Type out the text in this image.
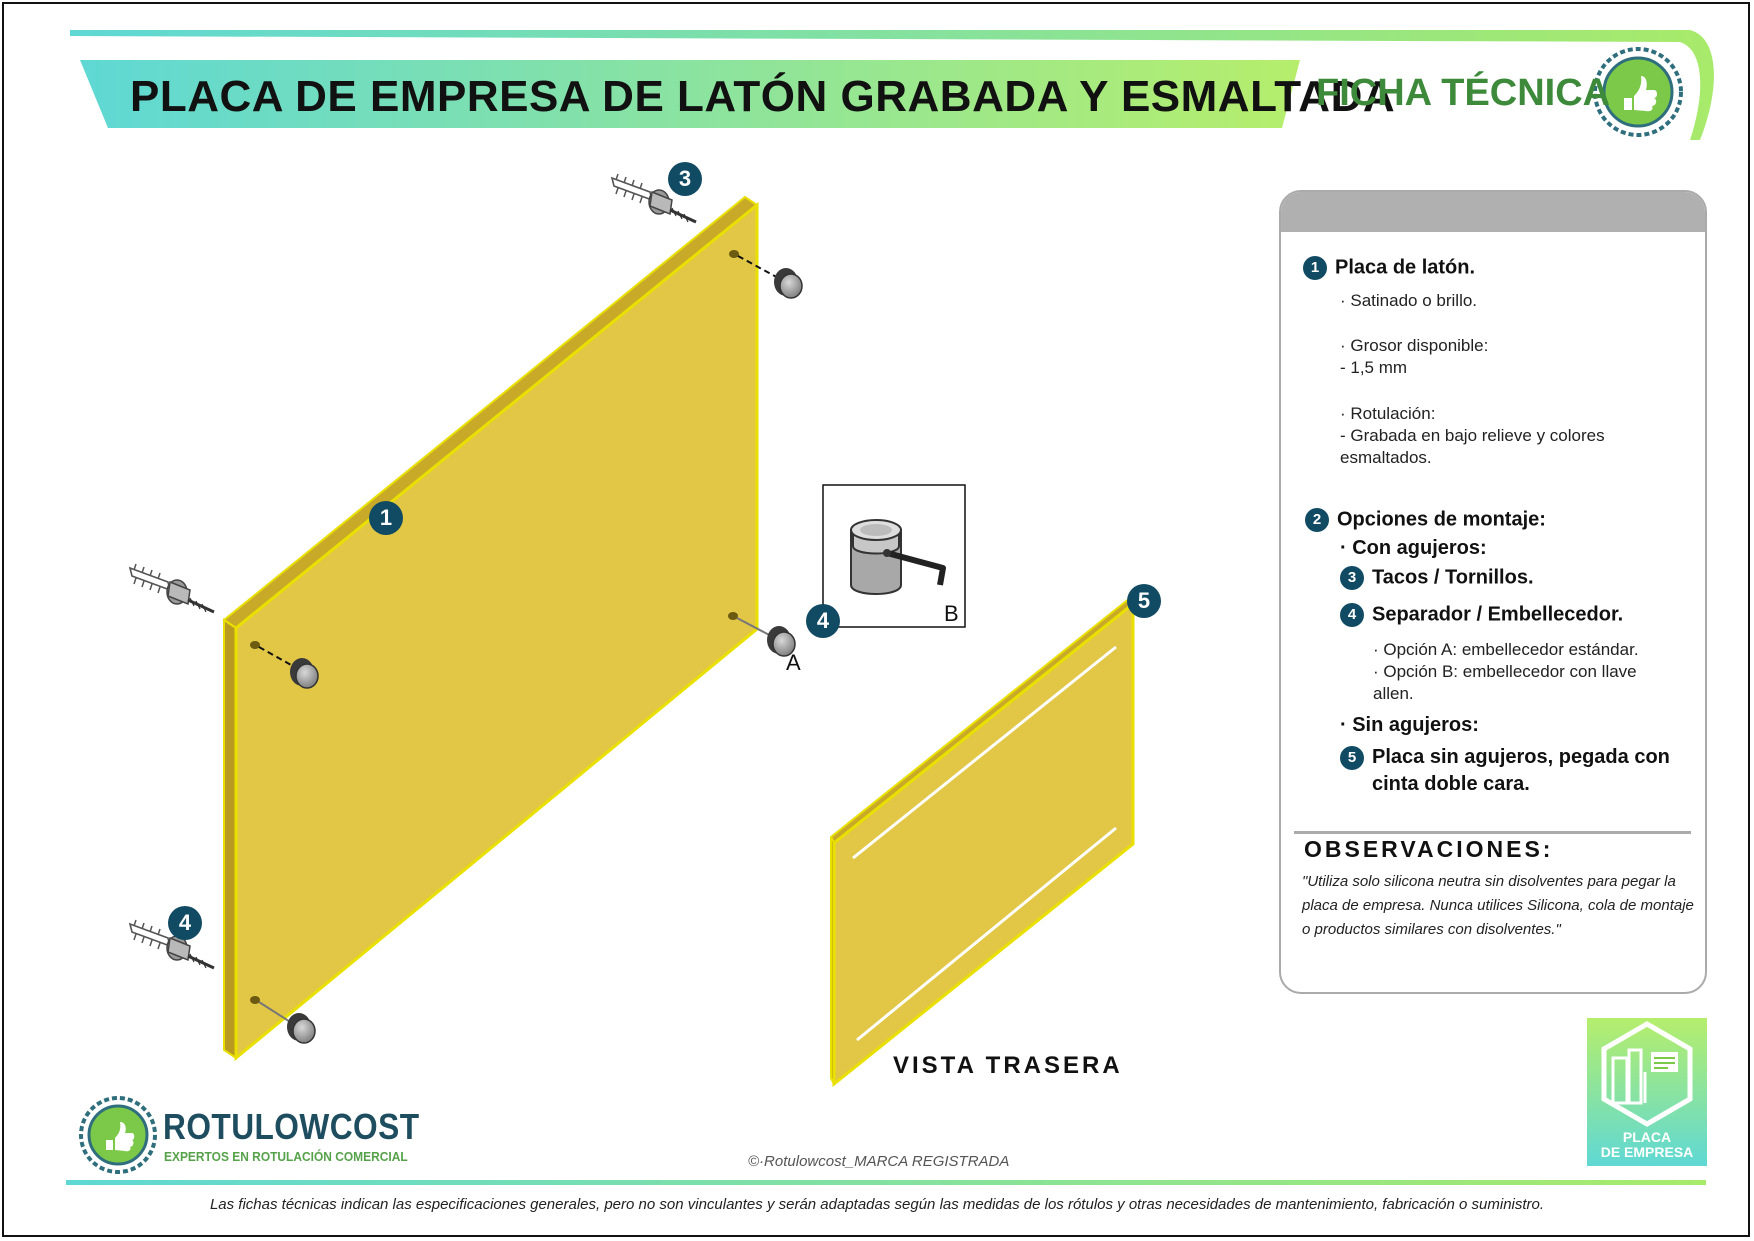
PLACA DE EMPRESA DE LATÓN GRABADA Y ESMALTADA

FICHA TÉCNICA

3
1
4
4
5
A
B
VISTA TRASERA
1 Placa de latón.
· Satinado o brillo.
· Grosor disponible:
- 1,5 mm
· Rotulación:
- Grabada en bajo relieve y colores esmaltados.
2 Opciones de montaje:
· Con agujeros:
3 Tacos / Tornillos.
4 Separador / Embellecedor.
· Opción A: embellecedor estándar.
· Opción B: embellecedor con llave allen.
· Sin agujeros:
5 Placa sin agujeros, pegada con cinta doble cara.
OBSERVACIONES:
"Utiliza solo silicona neutra sin disolventes para pegar la placa de empresa. Nunca utilices Silicona, cola de montaje o productos similares con disolventes."
ROTULOWCOST
EXPERTOS EN ROTULACIÓN COMERCIAL
PLACA
DE EMPRESA
©·Rotulowcost_MARCA REGISTRADA
Las fichas técnicas indican las especificaciones generales, pero no son vinculantes y serán adaptadas según las medidas de los rótulos y otras necesidades de mantenimiento, fabricación o suministro.
